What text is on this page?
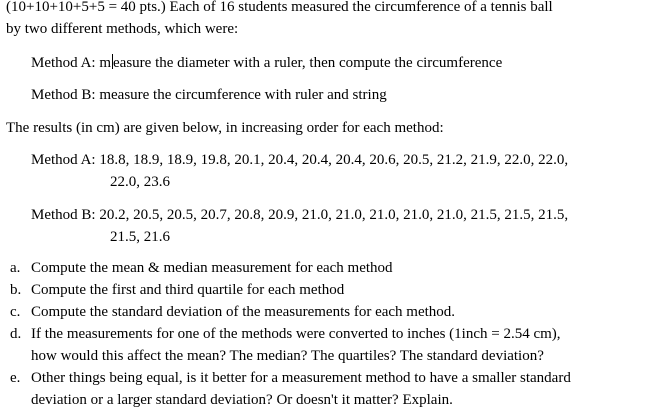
(10+10+10+5+5 = 40 pts.) Each of 16 students measured the circumference of a tennis ball
by two different methods, which were:
Method A: m easure the diameter with a ruler, then compute the circumference
Method B: measure the circumference with ruler and string
The results (in cm) are given below, in increasing order for each method:
Method A: 18.8, 18.9, 18.9, 19.8, 20.1, 20.4, 20.4, 20.4, 20.6, 20.5, 21.2, 21.9, 22.0, 22.0,
22.0, 23.6
Method B: 20.2, 20.5, 20.5, 20.7, 20.8, 20.9, 21.0, 21.0, 21.0, 21.0, 21.0, 21.5, 21.5, 21.5,
21.5, 21.6
a. Compute the mean & median measurement for each method
b. Compute the first and third quartile for each method
c. Compute the standard deviation of the measurements for each method.
d. If the measurements for one of the methods were converted to inches (1inch = 2.54 cm),
how would this affect the mean? The median? The quartiles? The standard deviation?
e. Other things being equal, is it better for a measurement method to have a smaller standard
deviation or a larger standard deviation? Or doesn't it matter? Explain.
